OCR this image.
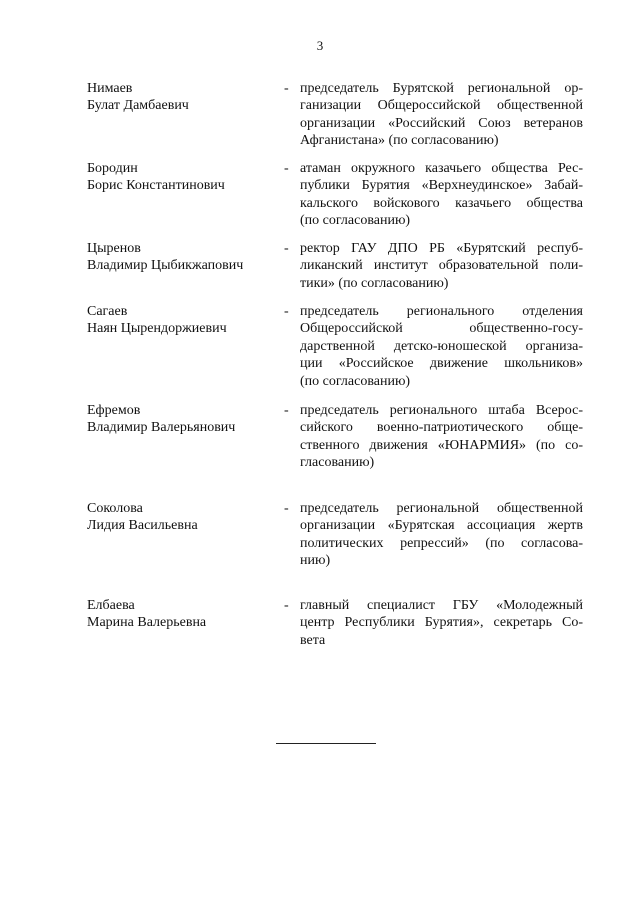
3
Нимаев
Булат Дамбаевич
- председатель Бурятской региональной ор-
ганизации Общероссийской общественной
организации «Российский Союз ветеранов
Афганистана» (по согласованию)
Бородин
Борис Константинович
- атаман окружного казачьего общества Рес-
публики Бурятия «Верхнеудинское» Забай-
кальского войскового казачьего общества
(по согласованию)
Цыренов
Владимир Цыбикжапович
- ректор ГАУ ДПО РБ «Бурятский респуб-
ликанский институт образовательной поли-
тики» (по согласованию)
Сагаев
Наян Цырендоржиевич
- председатель регионального отделения
Общероссийской общественно-госу-
дарственной детско-юношеской организа-
ции «Российское движение школьников»
(по согласованию)
Ефремов
Владимир Валерьянович
- председатель регионального штаба Всерос-
сийского военно-патриотического обще-
ственного движения «ЮНАРМИЯ» (по со-
гласованию)
Соколова
Лидия Васильевна
- председатель региональной общественной
организации «Бурятская ассоциация жертв
политических репрессий» (по согласова-
нию)
Елбаева
Марина Валерьевна
- главный специалист ГБУ «Молодежный
центр Республики Бурятия», секретарь Со-
вета
